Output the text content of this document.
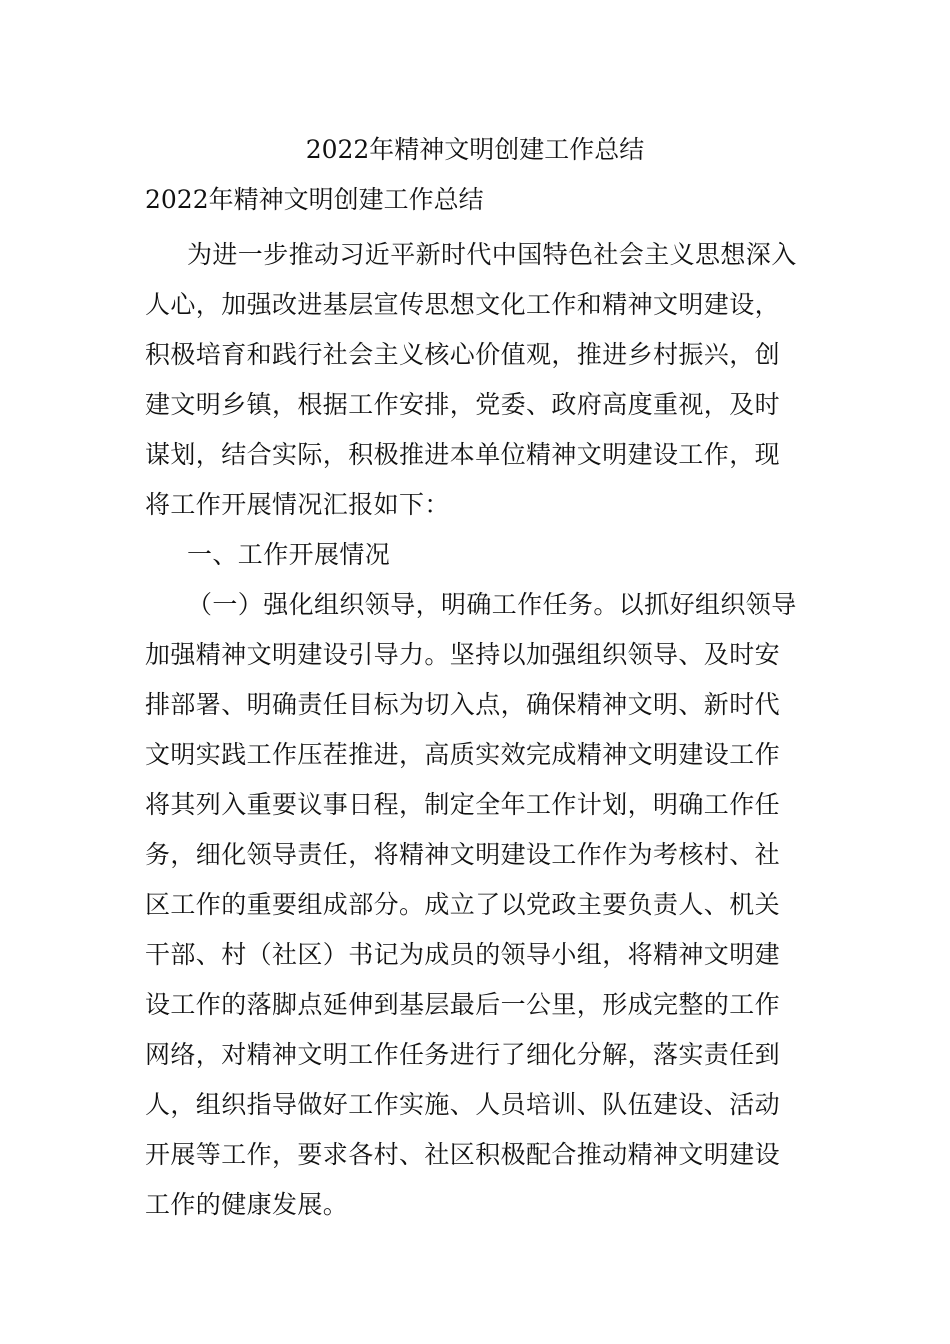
2022年精神文明创建工作总结
2022年精神文明创建工作总结
为进一步推动习近平新时代中国特色社会主义思想深入
人心，加强改进基层宣传思想文化工作和精神文明建设，
积极培育和践行社会主义核心价值观，推进乡村振兴，创
建文明乡镇，根据工作安排，党委、政府高度重视，及时
谋划，结合实际，积极推进本单位精神文明建设工作，现
将工作开展情况汇报如下：
一、工作开展情况
（一）强化组织领导，明确工作任务。以抓好组织领导
加强精神文明建设引导力。坚持以加强组织领导、及时安
排部署、明确责任目标为切入点，确保精神文明、新时代
文明实践工作压茬推进，高质实效完成精神文明建设工作
将其列入重要议事日程，制定全年工作计划，明确工作任
务，细化领导责任，将精神文明建设工作作为考核村、社
区工作的重要组成部分。成立了以党政主要负责人、机关
干部、村（社区）书记为成员的领导小组，将精神文明建
设工作的落脚点延伸到基层最后一公里，形成完整的工作
网络，对精神文明工作任务进行了细化分解，落实责任到
人，组织指导做好工作实施、人员培训、队伍建设、活动
开展等工作，要求各村、社区积极配合推动精神文明建设
工作的健康发展。
